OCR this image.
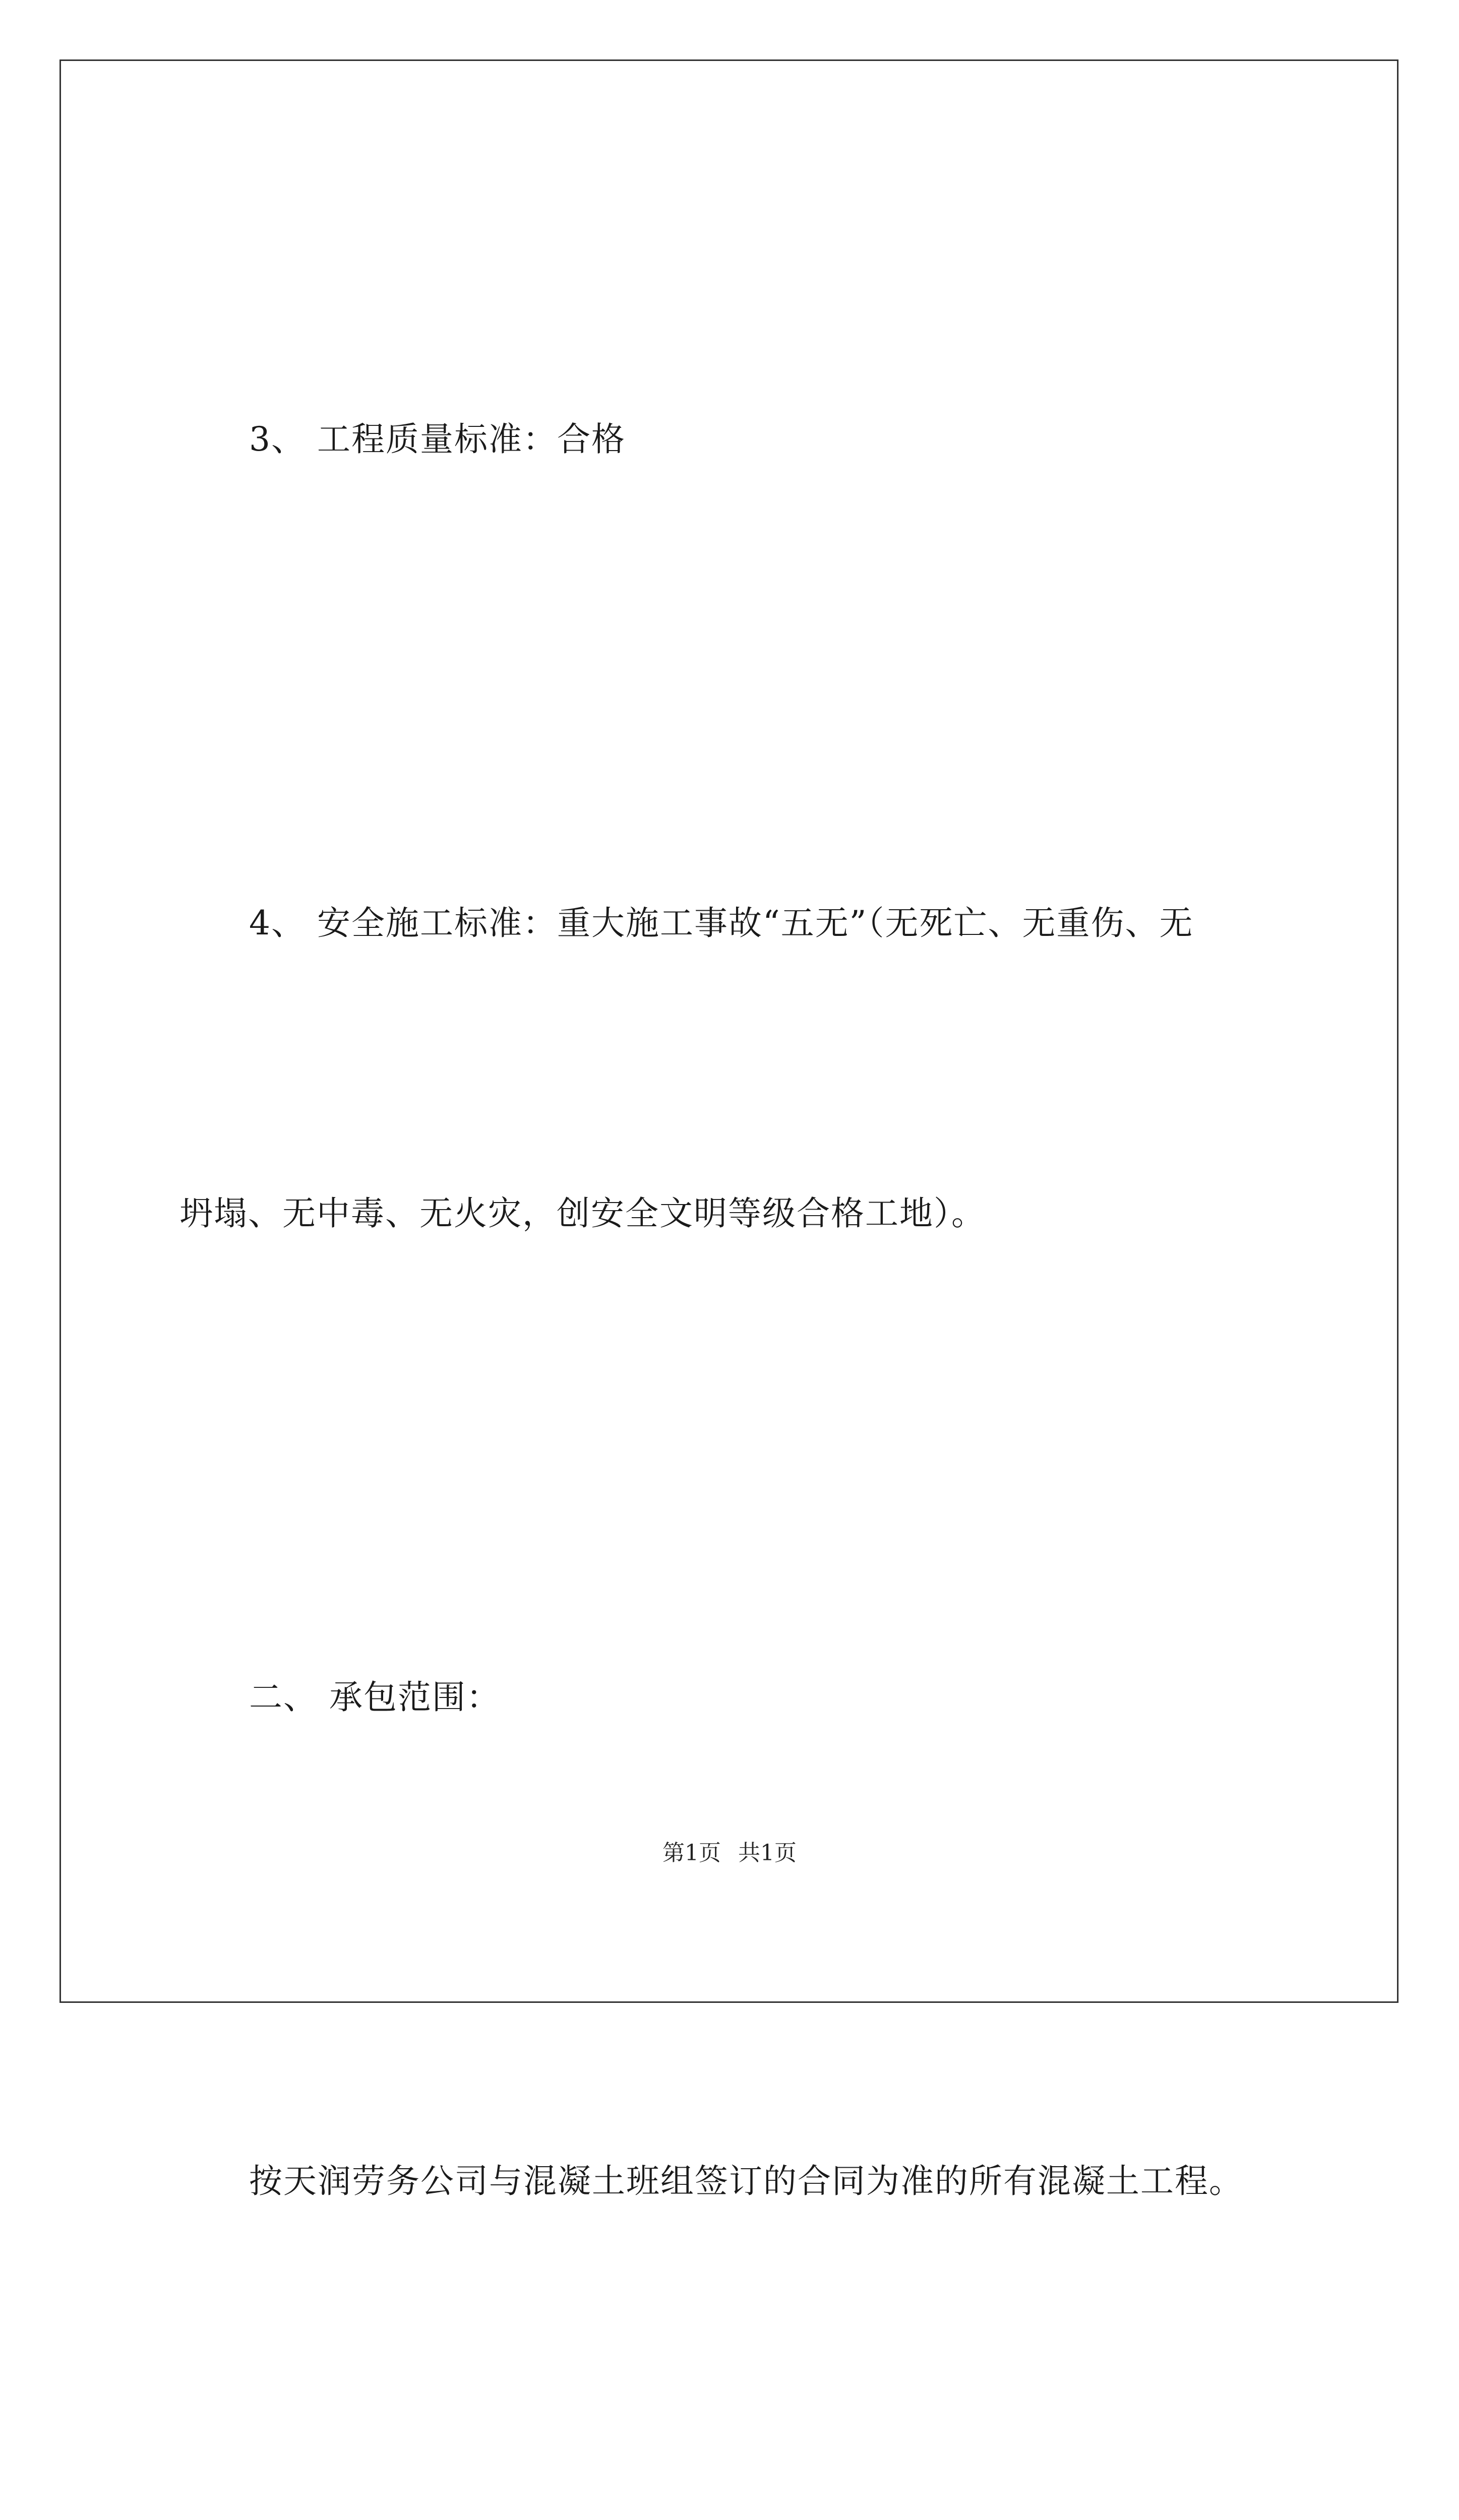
3、 工程质量标准：合格

4、 安全施工标准：重大施工事故“五无”（无死亡、无重伤、无

坍塌、无中毒、无火灾，创安全文明等级合格工地）。

二、 承包范围：

按天润劳务公司与混凝土班组签订的合同为准的所有混凝土工程。

第1页 共1页
